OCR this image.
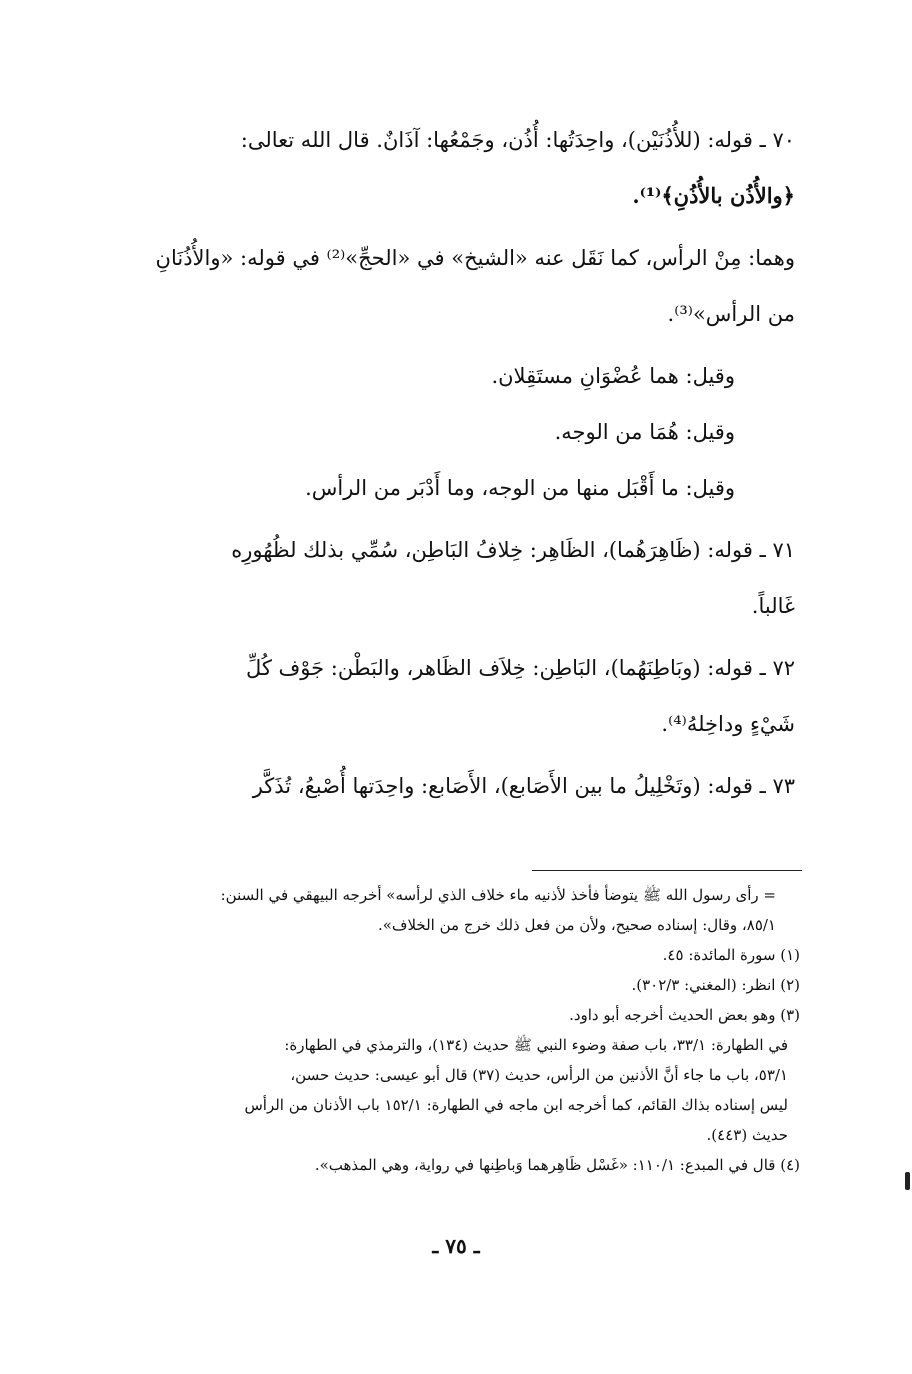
٧٠ ـ قوله: (للأُذُنَيْن)، واحِدَتُها: أُذُن، وجَمْعُها: آذَانٌ. قال الله تعالى:
﴿والأُذُن بالأُذُنِ﴾⁽¹⁾.

وهما: مِنْ الرأس، كما نَقَل عنه «الشيخ» في «الحجِّ»⁽²⁾ في قوله: «والأُذُنَانِ
من الرأس»⁽³⁾.

وقيل: هما عُضْوَانِ مستَقِلان.

وقيل: هُمَا من الوجه.

وقيل: ما أَقْبَل منها من الوجه، وما أَدْبَر من الرأس.

٧١ ـ قوله: (ظَاهِرَهُما)، الظَاهِر: خِلافُ البَاطِن، سُمِّي بذلك لظُهُورِه
غَالباً.

٧٢ ـ قوله: (وبَاطِنَهُما)، البَاطِن: خِلاَف الظَاهر، والبَطْن: جَوْف كُلِّ
شَيْءٍ وداخِلهُ⁽⁴⁾.

٧٣ ـ قوله: (وتَخْلِيلُ ما بين الأَصَابع)، الأَصَابع: واحِدَتها أُصْبعُ، تُذَكَّر

= رأى رسول الله ﷺ يتوضأ فأخذ لأذنيه ماء خلاف الذي لرأسه» أخرجه البيهقي في السنن:

٨٥/١، وقال: إسناده صحيح، ولأن من فعل ذلك خرج من الخلاف».

(١) سورة المائدة: ٤٥.

(٢) انظر: (المغني: ٣٠٢/٣).

(٣) وهو بعض الحديث أخرجه أبو داود.

في الطهارة: ٣٣/١، باب صفة وضوء النبي ﷺ حديث (١٣٤)، والترمذي في الطهارة:

٥٣/١، باب ما جاء أنَّ الأذنين من الرأس، حديث (٣٧) قال أبو عيسى: حديث حسن،

ليس إسناده بذاك القائم، كما أخرجه ابن ماجه في الطهارة: ١٥٢/١ باب الأذنان من الرأس

حديث (٤٤٣).

(٤) قال في المبدع: ١١٠/١: «غَسْل ظَاهِرهما وَباطِنها في رواية، وهي المذهب».

ـ ٧٥ ـ
